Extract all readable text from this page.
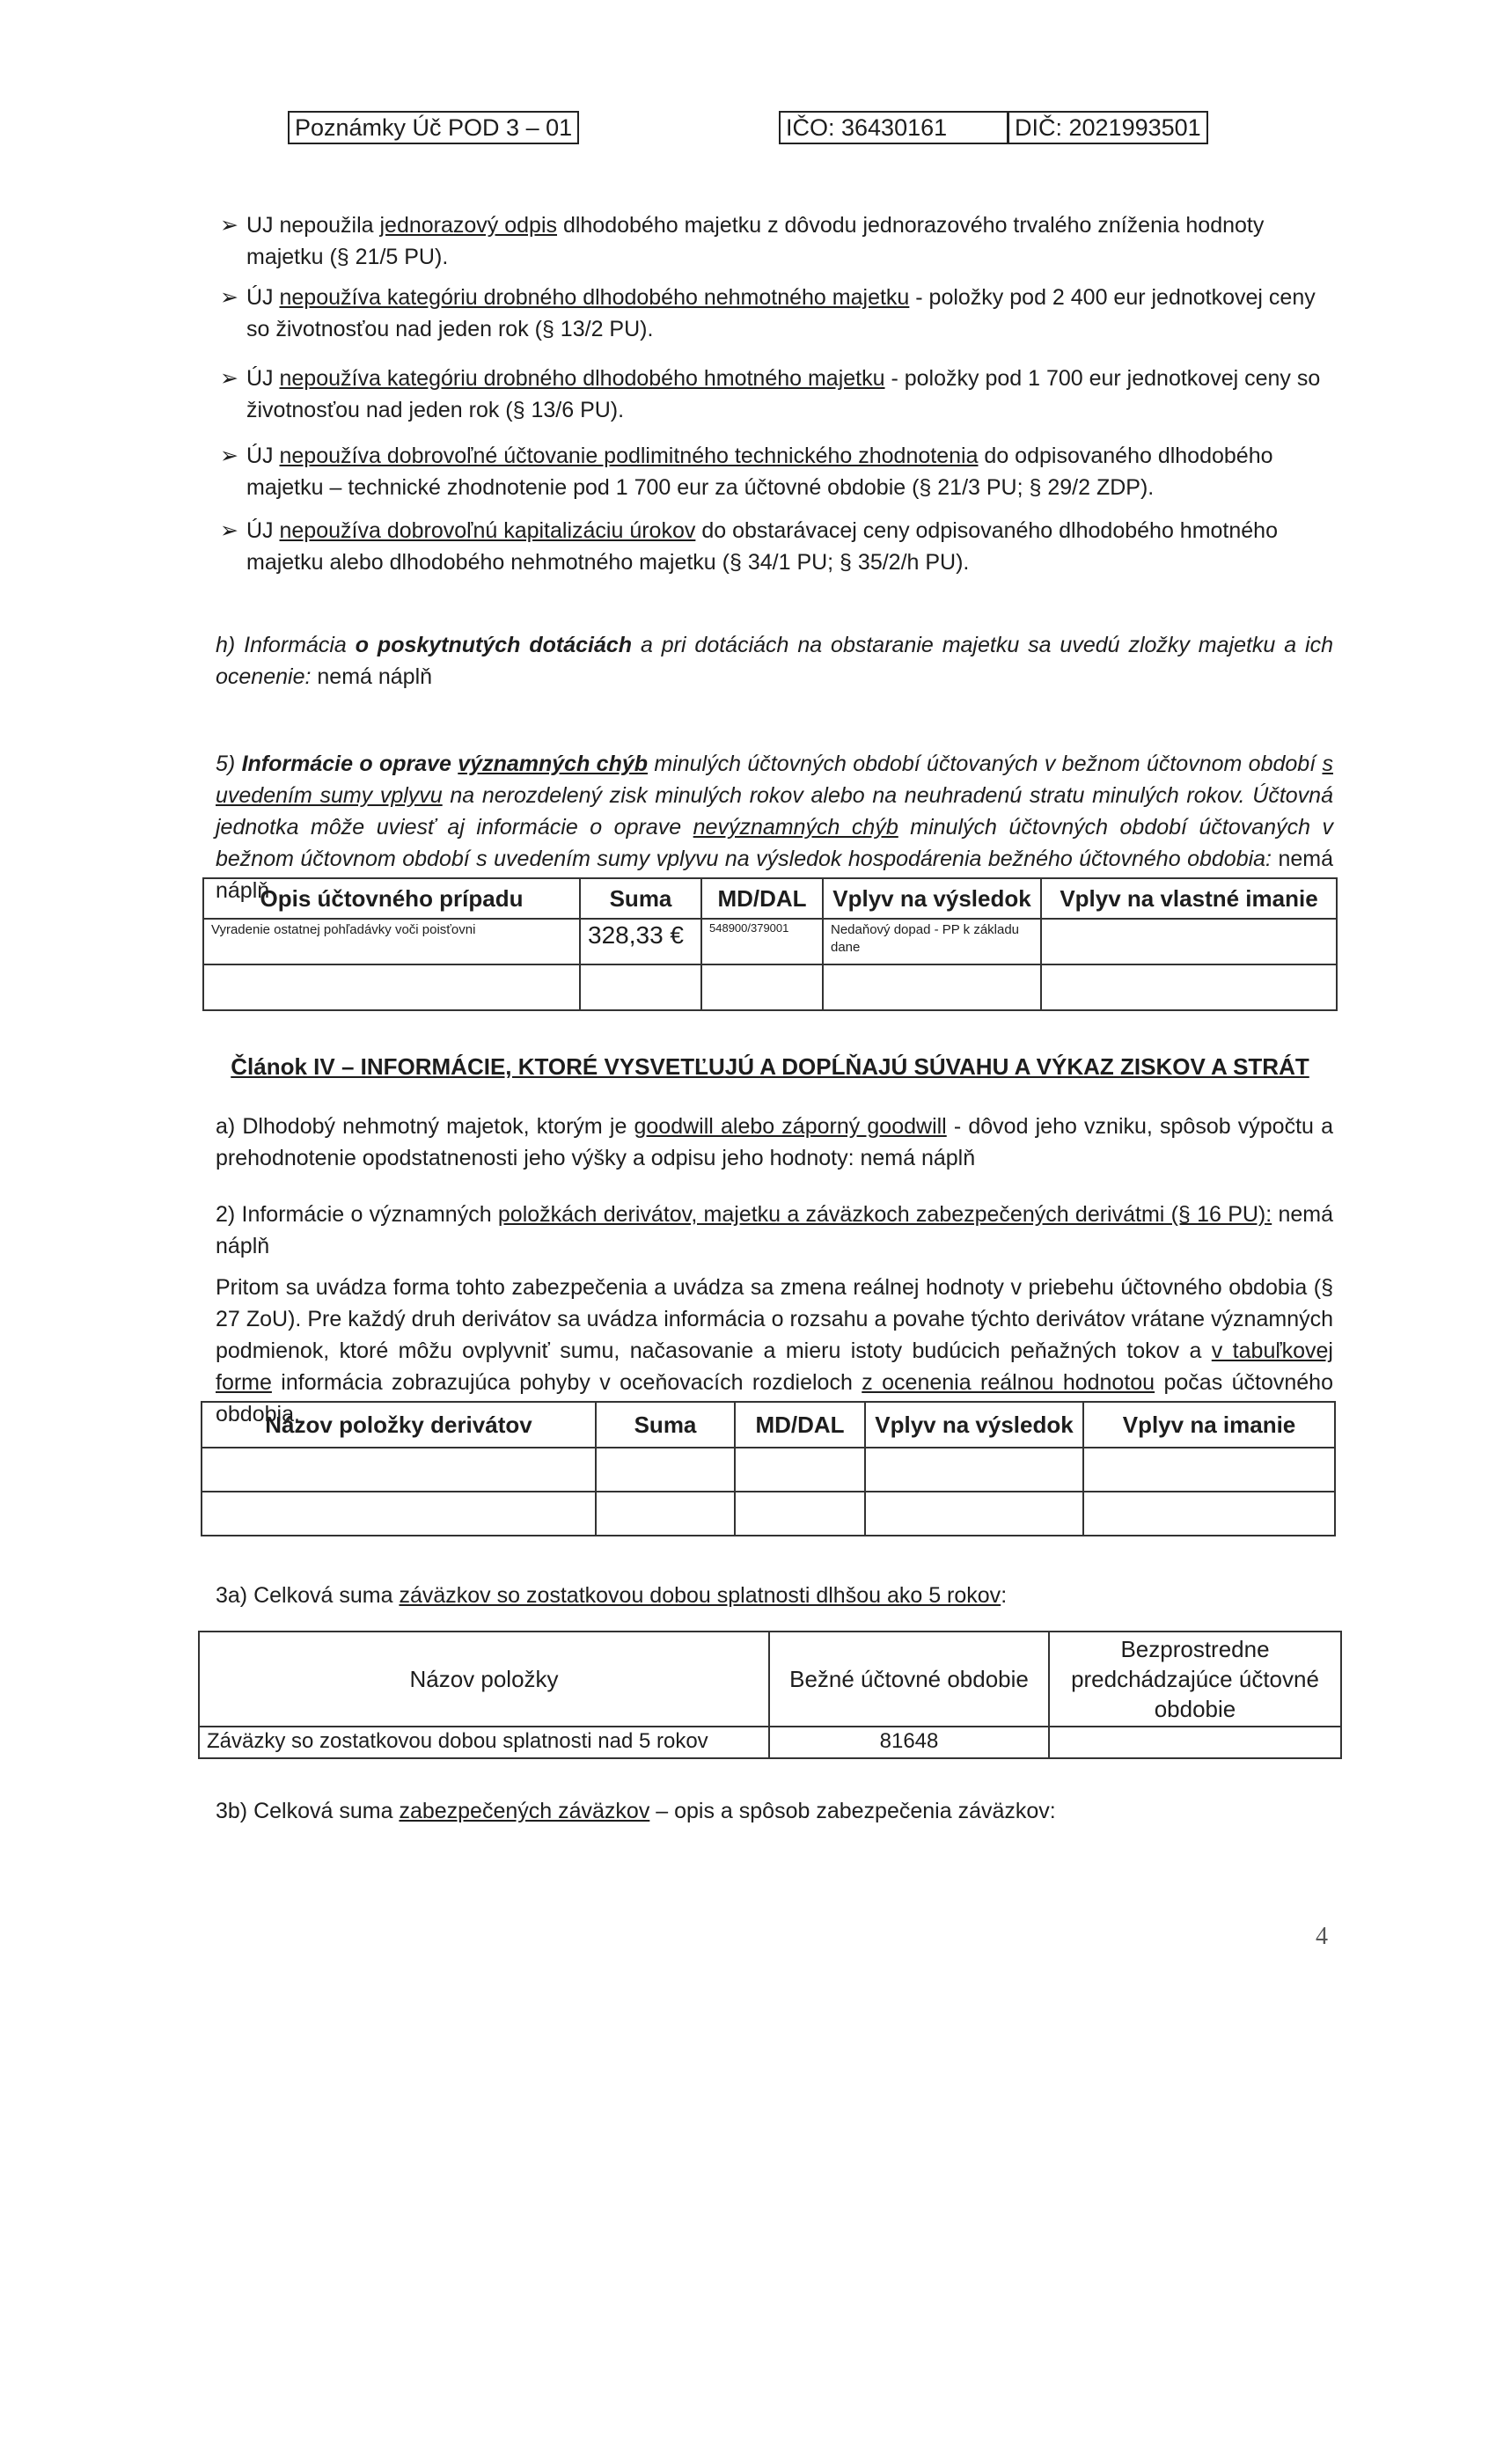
Poznámky Úč POD 3 – 01	IČO: 36430161	DIČ: 2021993501
➢ UJ nepoužila jednorazový odpis dlhodobého majetku z dôvodu jednorazového trvalého zníženia hodnoty majetku (§ 21/5 PU).
➢ ÚJ nepoužíva kategóriu drobného dlhodobého nehmotného majetku - položky pod 2 400 eur jednotkovej ceny so životnosťou nad jeden rok (§ 13/2 PU).
➢ ÚJ nepoužíva kategóriu drobného dlhodobého hmotného majetku - položky pod 1 700 eur jednotkovej ceny so životnosťou nad jeden rok (§ 13/6 PU).
➢ ÚJ nepoužíva dobrovoľné účtovanie podlimitného technického zhodnotenia do odpisovaného dlhodobého majetku – technické zhodnotenie pod 1 700 eur za účtovné obdobie (§ 21/3 PU; § 29/2 ZDP).
➢ ÚJ nepoužíva dobrovoľnú kapitalizáciu úrokov do obstarávacej ceny odpisovaného dlhodobého hmotného majetku alebo dlhodobého nehmotného majetku (§ 34/1 PU; § 35/2/h PU).
h) Informácia o poskytnutých dotáciách a pri dotáciách na obstaranie majetku sa uvedú zložky majetku a ich ocenenie: nemá náplň
5) Informácie o oprave významných chýb minulých účtovných období účtovaných v bežnom účtovnom období s uvedením sumy vplyvu na nerozdelený zisk minulých rokov alebo na neuhradenú stratu minulých rokov. Účtovná jednotka môže uviesť aj informácie o oprave nevýznamných chýb minulých účtovných období účtovaných v bežnom účtovnom období s uvedením sumy vplyvu na výsledok hospodárenia bežného účtovného obdobia: nemá náplň
Opis účtovného prípadu	Suma	MD/DAL	Vplyv na výsledok	Vplyv na vlastné imanie
Vyradenie ostatnej pohľadávky voči poisťovni	328,33 €	548900/379001	Nedaňový dopad - PP k základu dane	

Článok IV – INFORMÁCIE, KTORÉ VYSVETĽUJÚ A DOPĹŇAJÚ SÚVAHU A VÝKAZ ZISKOV A STRÁT
a) Dlhodobý nehmotný majetok, ktorým je goodwill alebo záporný goodwill - dôvod jeho vzniku, spôsob výpočtu a prehodnotenie opodstatnenosti jeho výšky a odpisu jeho hodnoty: nemá náplň
2) Informácie o významných položkách derivátov, majetku a záväzkoch zabezpečených derivátmi (§ 16 PU): nemá náplň
Pritom sa uvádza forma tohto zabezpečenia a uvádza sa zmena reálnej hodnoty v priebehu účtovného obdobia (§ 27 ZoU). Pre každý druh derivátov sa uvádza informácia o rozsahu a povahe týchto derivátov vrátane významných podmienok, ktoré môžu ovplyvniť sumu, načasovanie a mieru istoty budúcich peňažných tokov a v tabuľkovej forme informácia zobrazujúca pohyby v oceňovacích rozdieloch z ocenenia reálnou hodnotou počas účtovného obdobia.
Názov položky derivátov	Suma	MD/DAL	Vplyv na výsledok	Vplyv na imanie

3a) Celková suma záväzkov so zostatkovou dobou splatnosti dlhšou ako 5 rokov:
Názov položky	Bežné účtovné obdobie	Bezprostredne predchádzajúce účtovné obdobie
Záväzky so zostatkovou dobou splatnosti nad 5 rokov	81648	
3b) Celková suma zabezpečených záväzkov – opis a spôsob zabezpečenia záväzkov:
4
